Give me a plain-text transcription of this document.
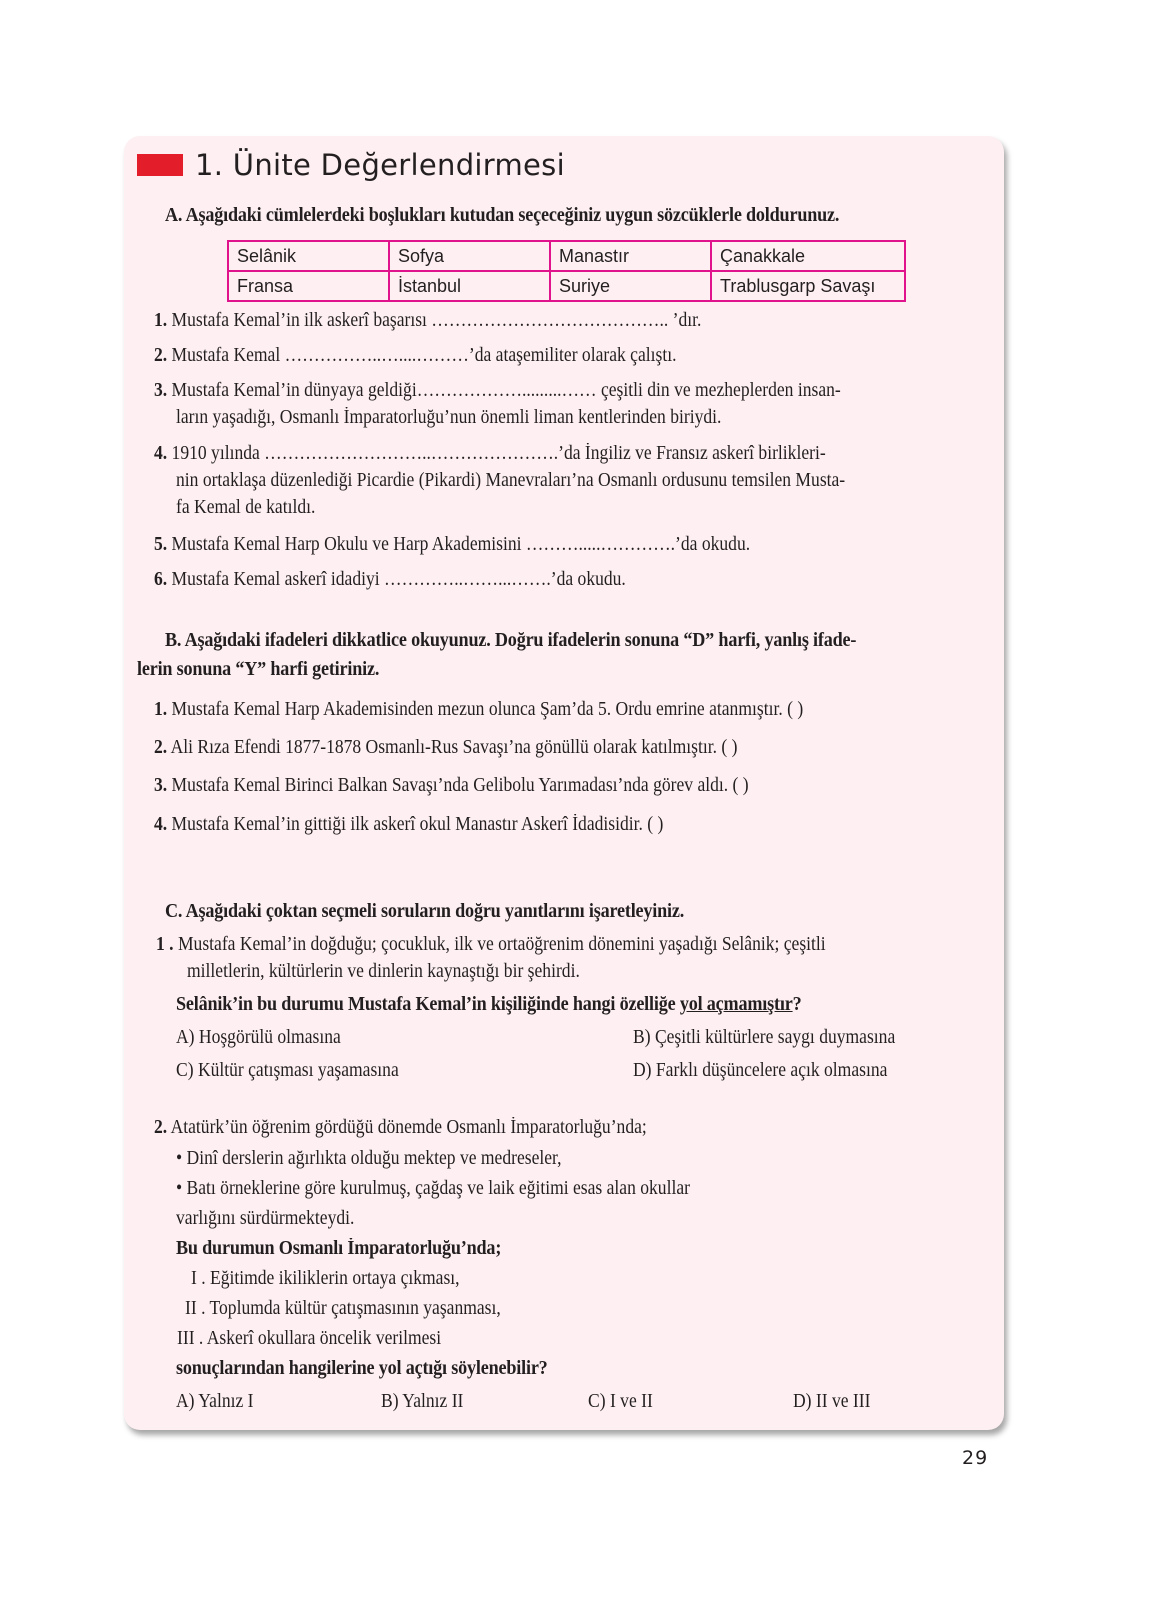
1. Ünite Değerlendirmesi
A. Aşağıdaki cümlelerdeki boşlukları kutudan seçeceğiniz uygun sözcüklerle doldurunuz.
Selânik	Sofya	Manastır	Çanakkale
Fransa	İstanbul	Suriye	Trablusgarp Savaşı
1. Mustafa Kemal’in ilk askerî başarısı ………………………………….. ’dır.
2. Mustafa Kemal ……………..…....………’da ataşemiliter olarak çalıştı.
3. Mustafa Kemal’in dünyaya geldiği……………….........…… çeşitli din ve mezheplerden insan-
ların yaşadığı, Osmanlı İmparatorluğu’nun önemli liman kentlerinden biriydi.
4. 1910 yılında ………………………..………………….’da İngiliz ve Fransız askerî birlikleri-
nin ortaklaşa düzenlediği Picardie (Pikardi) Manevraları’na Osmanlı ordusunu temsilen Musta-
fa Kemal de katıldı.
5. Mustafa Kemal Harp Okulu ve Harp Akademisini ……….....………….’da okudu.
6. Mustafa Kemal askerî idadiyi …………..……...…….’da okudu.
B. Aşağıdaki ifadeleri dikkatlice okuyunuz. Doğru ifadelerin sonuna “D” harfi, yanlış ifade-
lerin sonuna “Y” harfi getiriniz.
1. Mustafa Kemal Harp Akademisinden mezun olunca Şam’da 5. Ordu emrine atanmıştır. ( )
2. Ali Rıza Efendi 1877-1878 Osmanlı-Rus Savaşı’na gönüllü olarak katılmıştır. ( )
3. Mustafa Kemal Birinci Balkan Savaşı’nda Gelibolu Yarımadası’nda görev aldı. ( )
4. Mustafa Kemal’in gittiği ilk askerî okul Manastır Askerî İdadisidir. ( )
C. Aşağıdaki çoktan seçmeli soruların doğru yanıtlarını işaretleyiniz.
1 . Mustafa Kemal’in doğduğu; çocukluk, ilk ve ortaöğrenim dönemini yaşadığı Selânik; çeşitli
milletlerin, kültürlerin ve dinlerin kaynaştığı bir şehirdi.
Selânik’in bu durumu Mustafa Kemal’in kişiliğinde hangi özelliğe yol açmamıştır?
A) Hoşgörülü olmasına	B) Çeşitli kültürlere saygı duymasına
C) Kültür çatışması yaşamasına	D) Farklı düşüncelere açık olmasına
2. Atatürk’ün öğrenim gördüğü dönemde Osmanlı İmparatorluğu’nda;
• Dinî derslerin ağırlıkta olduğu mektep ve medreseler,
• Batı örneklerine göre kurulmuş, çağdaş ve laik eğitimi esas alan okullar
varlığını sürdürmekteydi.
Bu durumun Osmanlı İmparatorluğu’nda;
I . Eğitimde ikiliklerin ortaya çıkması,
II . Toplumda kültür çatışmasının yaşanması,
III . Askerî okullara öncelik verilmesi
sonuçlarından hangilerine yol açtığı söylenebilir?
A) Yalnız I	B) Yalnız II	C) I ve II	D) II ve III
29
